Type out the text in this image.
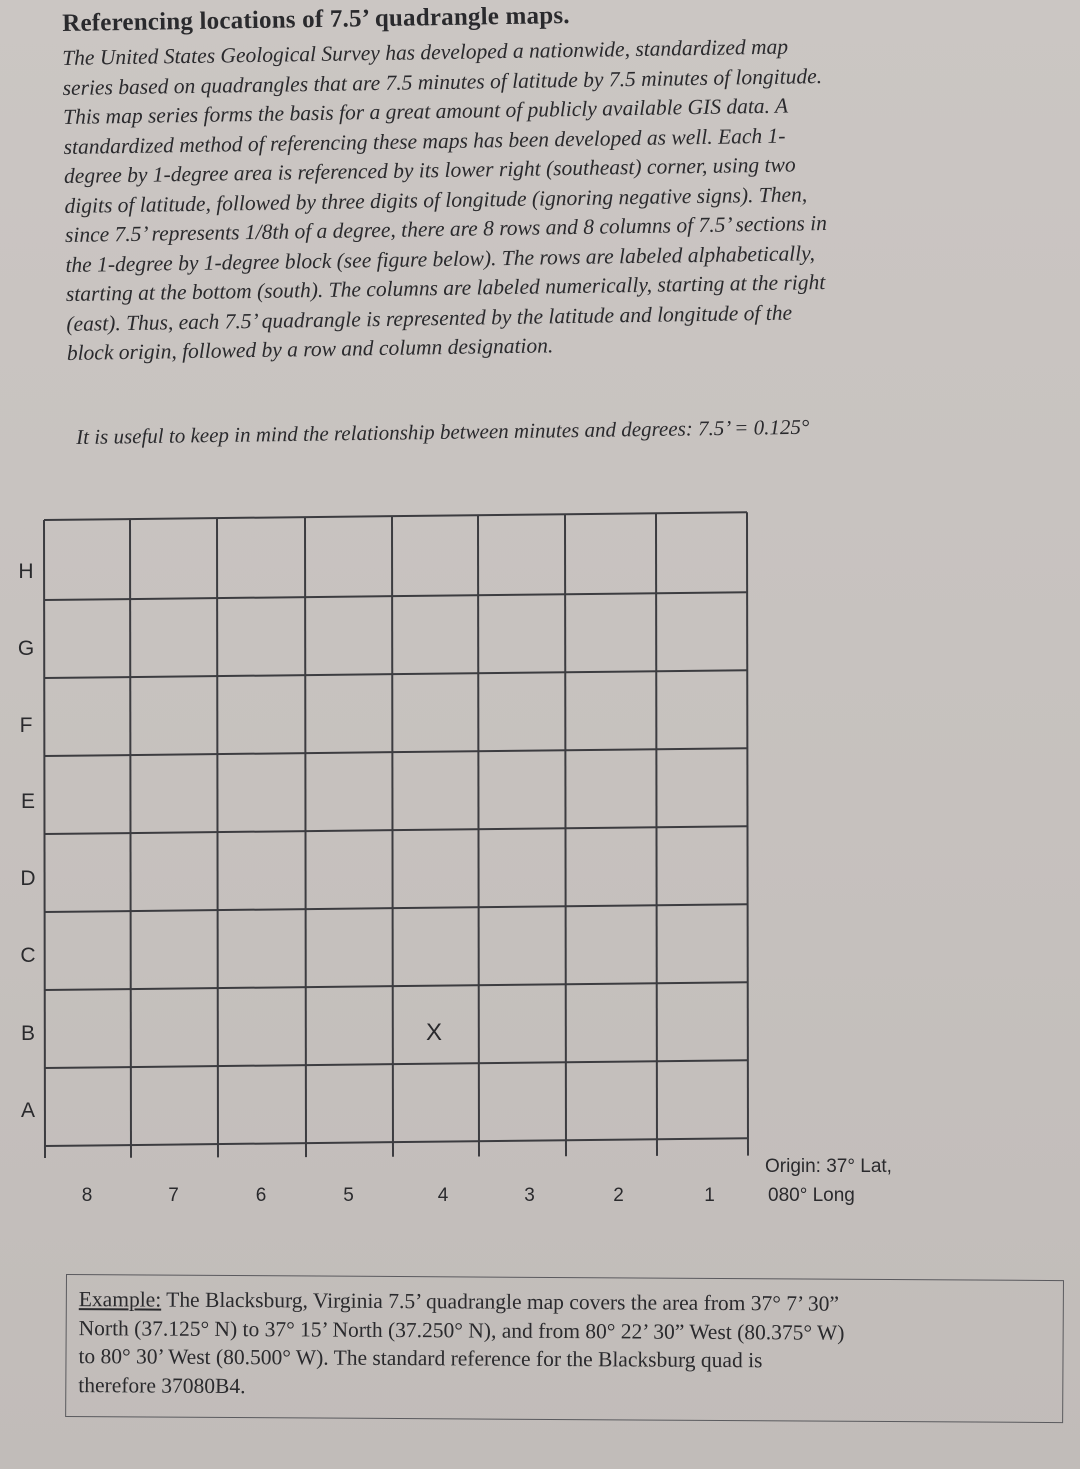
Referencing locations of 7.5’ quadrangle maps.
The United States Geological Survey has developed a nationwide, standardized map
series based on quadrangles that are 7.5 minutes of latitude by 7.5 minutes of longitude.
This map series forms the basis for a great amount of publicly available GIS data. A
standardized method of referencing these maps has been developed as well. Each 1-
degree by 1-degree area is referenced by its lower right (southeast) corner, using two
digits of latitude, followed by three digits of longitude (ignoring negative signs). Then,
since 7.5’ represents 1/8th of a degree, there are 8 rows and 8 columns of 7.5’ sections in
the 1-degree by 1-degree block (see figure below). The rows are labeled alphabetically,
starting at the bottom (south). The columns are labeled numerically, starting at the right
(east). Thus, each 7.5’ quadrangle is represented by the latitude and longitude of the
block origin, followed by a row and column designation.
It is useful to keep in mind the relationship between minutes and degrees: 7.5’ = 0.125°
H
G
F
E
D
C
B
A
8	7	6	5	4	3	2	1
X
Origin: 37° Lat,
080° Long
Example: The Blacksburg, Virginia 7.5’ quadrangle map covers the area from 37° 7’ 30”
North (37.125° N) to 37° 15’ North (37.250° N), and from 80° 22’ 30” West (80.375° W)
to 80° 30’ West (80.500° W). The standard reference for the Blacksburg quad is
therefore 37080B4.
